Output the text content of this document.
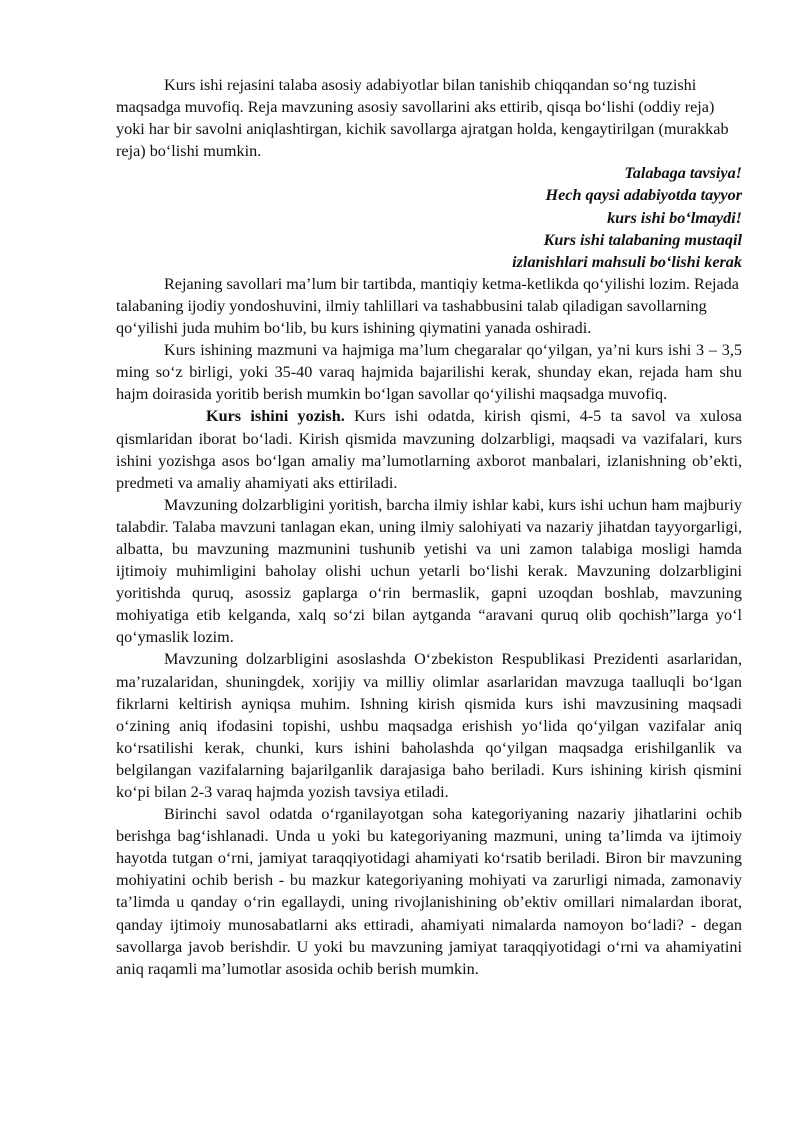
Kurs ishi rejasini talaba asosiy adabiyotlar bilan tanishib chiqqandan so‘ng tuzishi maqsadga muvofiq. Reja mavzuning asosiy savollarini aks ettirib, qisqa bo‘lishi (oddiy reja) yoki har bir savolni aniqlashtirgan, kichik savollarga ajratgan holda, kengaytirilgan (murakkab reja) bo‘lishi mumkin.

Talabaga tavsiya!
Hech qaysi adabiyotda tayyor
kurs ishi bo‘lmaydi!
Kurs ishi talabaning mustaqil
izlanishlari mahsuli bo‘lishi kerak

Rejaning savollari ma’lum bir tartibda, mantiqiy ketma-ketlikda qo‘yilishi lozim. Rejada talabaning ijodiy yondoshuvini, ilmiy tahlillari va tashabbusini talab qiladigan savollarning qo‘yilishi juda muhim bo‘lib, bu kurs ishining qiymatini yanada oshiradi.

Kurs ishining mazmuni va hajmiga ma’lum chegaralar qo‘yilgan, ya’ni kurs ishi 3 – 3,5 ming so‘z birligi, yoki 35-40 varaq hajmida bajarilishi kerak, shunday ekan, rejada ham shu hajm doirasida yoritib berish mumkin bo‘lgan savollar qo‘yilishi maqsadga muvofiq.

Kurs ishini yozish. Kurs ishi odatda, kirish qismi, 4-5 ta savol va xulosa qismlaridan iborat bo‘ladi. Kirish qismida mavzuning dolzarbligi, maqsadi va vazifalari, kurs ishini yozishga asos bo‘lgan amaliy ma’lumotlarning axborot manbalari, izlanishning ob’ekti, predmeti va amaliy ahamiyati aks ettiriladi.

Mavzuning dolzarbligini yoritish, barcha ilmiy ishlar kabi, kurs ishi uchun ham majburiy talabdir. Talaba mavzuni tanlagan ekan, uning ilmiy salohiyati va nazariy jihatdan tayyorgarligi, albatta, bu mavzuning mazmunini tushunib yetishi va uni zamon talabiga mosligi hamda ijtimoiy muhimligini baholay olishi uchun yetarli bo‘lishi kerak. Mavzuning dolzarbligini yoritishda quruq, asossiz gaplarga o‘rin bermaslik, gapni uzoqdan boshlab, mavzuning mohiyatiga etib kelganda, xalq so‘zi bilan aytganda “aravani quruq olib qochish”larga yo‘l qo‘ymaslik lozim.

Mavzuning dolzarbligini asoslashda O‘zbekiston Respublikasi Prezidenti asarlaridan, ma’ruzalaridan, shuningdek, xorijiy va milliy olimlar asarlaridan mavzuga taalluqli bo‘lgan fikrlarni keltirish ayniqsa muhim. Ishning kirish qismida kurs ishi mavzusining maqsadi o‘zining aniq ifodasini topishi, ushbu maqsadga erishish yo‘lida qo‘yilgan vazifalar aniq ko‘rsatilishi kerak, chunki, kurs ishini baholashda qo‘yilgan maqsadga erishilganlik va belgilangan vazifalarning bajarilganlik darajasiga baho beriladi. Kurs ishining kirish qismini ko‘pi bilan 2-3 varaq hajmda yozish tavsiya etiladi.

Birinchi savol odatda o‘rganilayotgan soha kategoriyaning nazariy jihatlarini ochib berishga bag‘ishlanadi. Unda u yoki bu kategoriyaning mazmuni, uning ta’limda va ijtimoiy hayotda tutgan o‘rni, jamiyat taraqqiyotidagi ahamiyati ko‘rsatib beriladi. Biron bir mavzuning mohiyatini ochib berish - bu mazkur kategoriyaning mohiyati va zarurligi nimada, zamonaviy ta’limda u qanday o‘rin egallaydi, uning rivojlanishining ob’ektiv omillari nimalardan iborat, qanday ijtimoiy munosabatlarni aks ettiradi, ahamiyati nimalarda namoyon bo‘ladi? - degan savollarga javob berishdir. U yoki bu mavzuning jamiyat taraqqiyotidagi o‘rni va ahamiyatini aniq raqamli ma’lumotlar asosida ochib berish mumkin.
